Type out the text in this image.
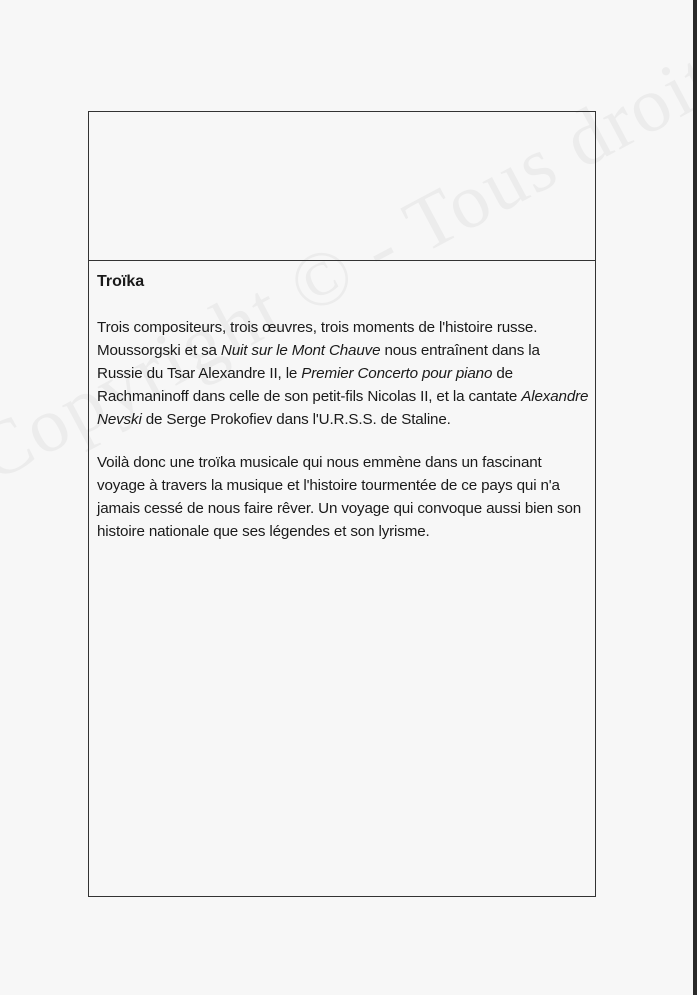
Troïka

Trois compositeurs, trois œuvres, trois moments de l'histoire russe. Moussorgski et sa Nuit sur le Mont Chauve nous entraînent dans la Russie du Tsar Alexandre II, le Premier Concerto pour piano de Rachmaninoff dans celle de son petit-fils Nicolas II, et la cantate Alexandre Nevski de Serge Prokofiev dans l'U.R.S.S. de Staline.

Voilà donc une troïka musicale qui nous emmène dans un fascinant voyage à travers la musique et l'histoire tourmentée de ce pays qui n'a jamais cessé de nous faire rêver. Un voyage qui convoque aussi bien son histoire nationale que ses légendes et son lyrisme.
